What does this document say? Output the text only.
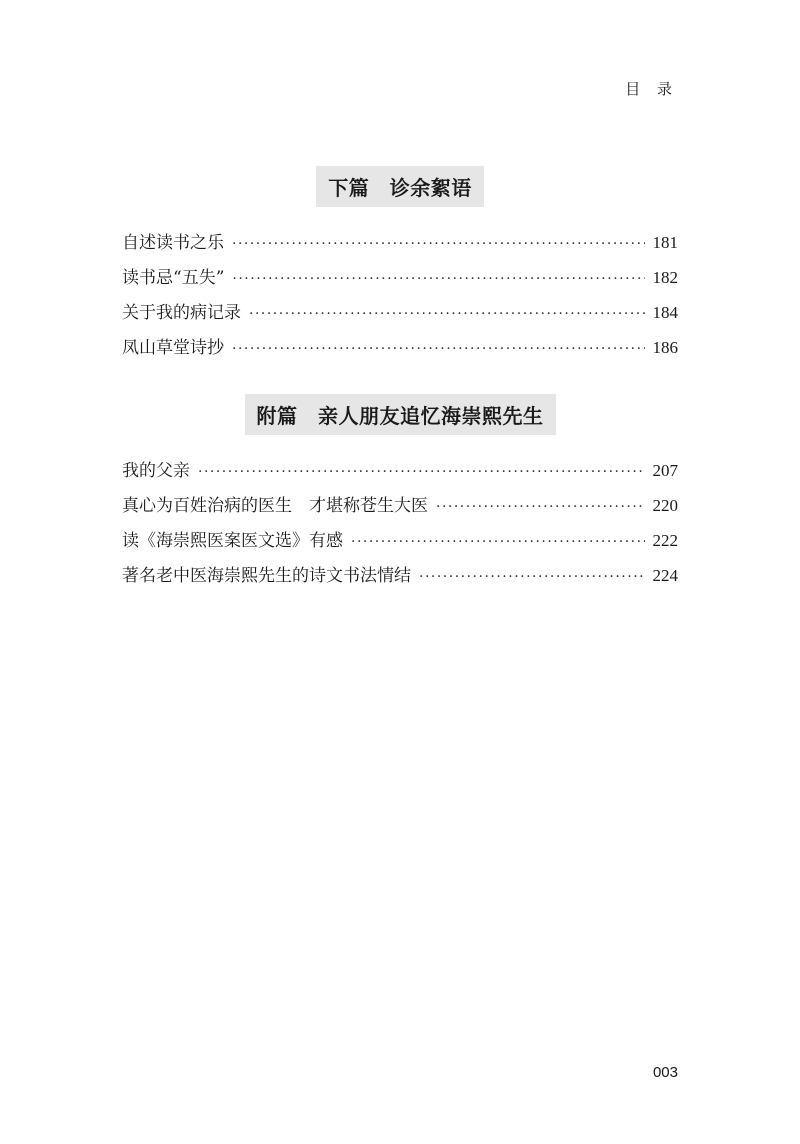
目 录
下篇　诊余絮语
自述读书之乐 ·····	181
读书忌“五失” ·····	182
关于我的病记录 ·····	184
凤山草堂诗抄 ·····	186
附篇　亲人朋友追忆海崇熙先生
我的父亲 ·····	207
真心为百姓治病的医生　才堪称苍生大医 ·····	220
读《海崇熙医案医文选》有感 ·····	222
著名老中医海崇熙先生的诗文书法情结 ·····	224
003
